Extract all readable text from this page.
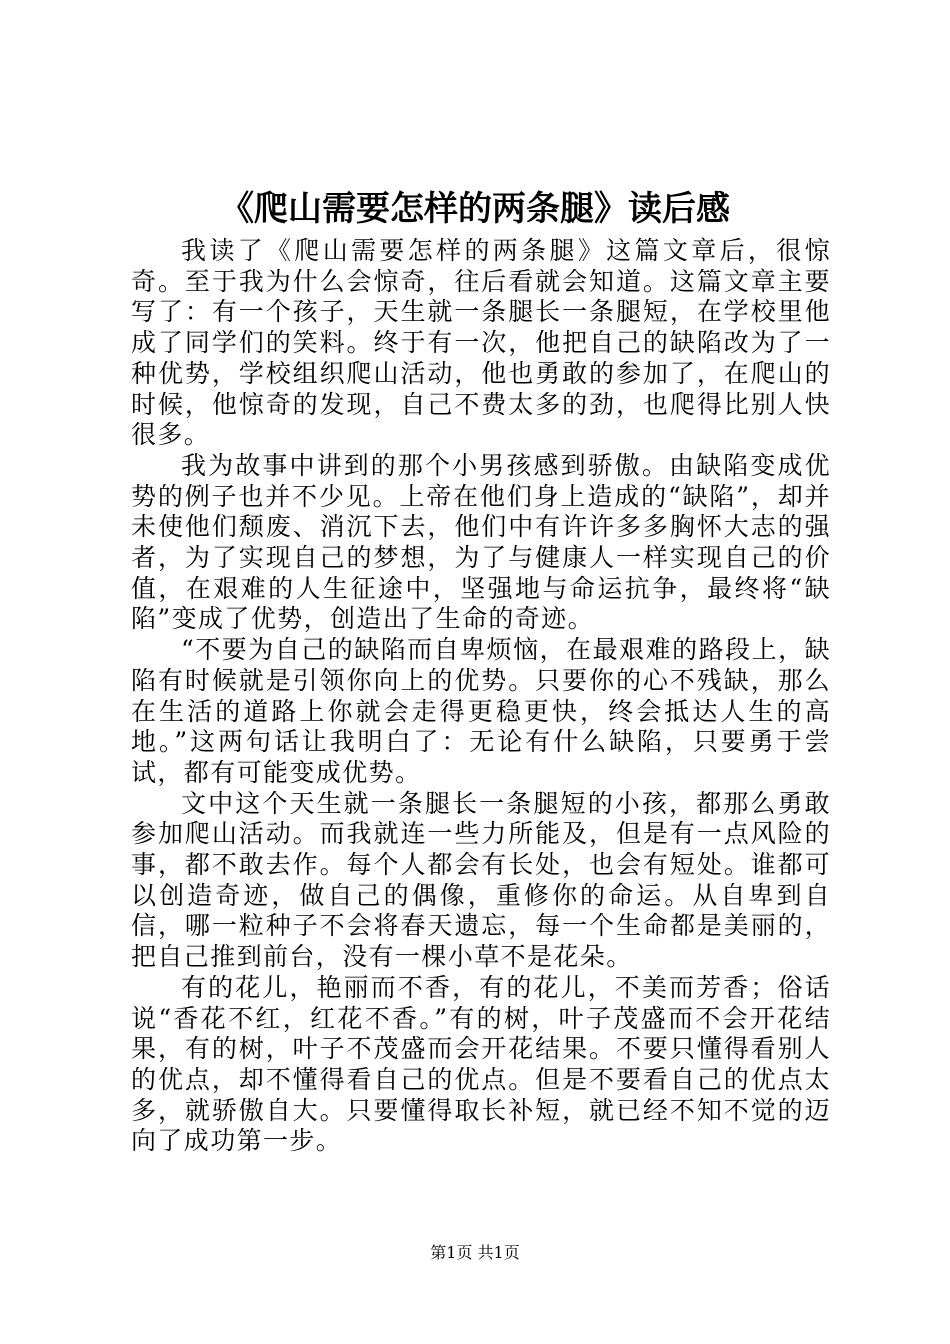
《爬山需要怎样的两条腿》读后感

我读了《爬山需要怎样的两条腿》这篇文章后，很惊奇。至于我为什么会惊奇，往后看就会知道。这篇文章主要写了：有一个孩子，天生就一条腿长一条腿短，在学校里他成了同学们的笑料。终于有一次，他把自己的缺陷改为了一种优势，学校组织爬山活动，他也勇敢的参加了，在爬山的时候，他惊奇的发现，自己不费太多的劲，也爬得比别人快很多。

我为故事中讲到的那个小男孩感到骄傲。由缺陷变成优势的例子也并不少见。上帝在他们身上造成的“缺陷”，却并未使他们颓废、消沉下去，他们中有许许多多胸怀大志的强者，为了实现自己的梦想，为了与健康人一样实现自己的价值，在艰难的人生征途中，坚强地与命运抗争，最终将“缺陷”变成了优势，创造出了生命的奇迹。

“不要为自己的缺陷而自卑烦恼，在最艰难的路段上，缺陷有时候就是引领你向上的优势。只要你的心不残缺，那么在生活的道路上你就会走得更稳更快，终会抵达人生的高地。”这两句话让我明白了：无论有什么缺陷，只要勇于尝试，都有可能变成优势。

文中这个天生就一条腿长一条腿短的小孩，都那么勇敢参加爬山活动。而我就连一些力所能及，但是有一点风险的事，都不敢去作。每个人都会有长处，也会有短处。谁都可以创造奇迹，做自己的偶像，重修你的命运。从自卑到自信，哪一粒种子不会将春天遗忘，每一个生命都是美丽的，把自己推到前台，没有一棵小草不是花朵。

有的花儿，艳丽而不香，有的花儿，不美而芳香；俗话说“香花不红，红花不香。”有的树，叶子茂盛而不会开花结果，有的树，叶子不茂盛而会开花结果。不要只懂得看别人的优点，却不懂得看自己的优点。但是不要看自己的优点太多，就骄傲自大。只要懂得取长补短，就已经不知不觉的迈向了成功第一步。

第1页 共1页
